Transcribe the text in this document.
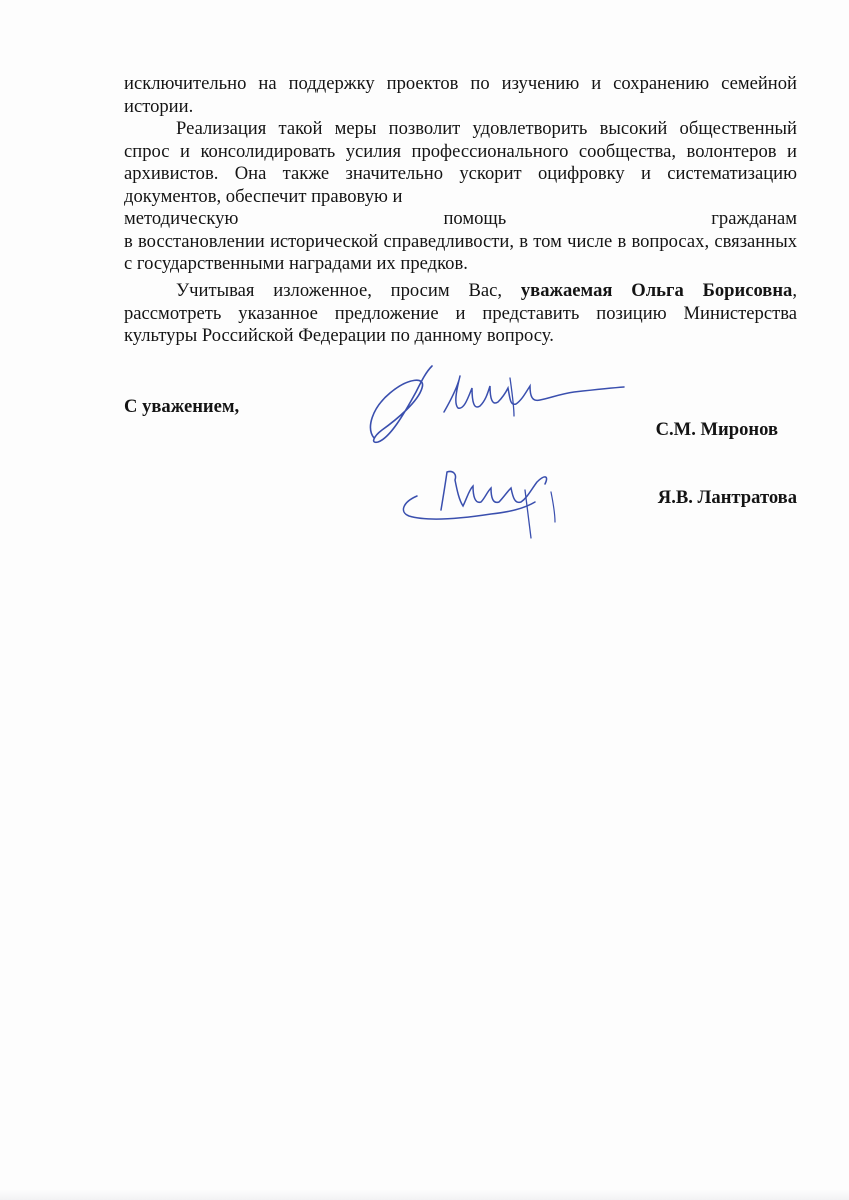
исключительно на поддержку проектов по изучению и сохранению семейной истории.
Реализация такой меры позволит удовлетворить высокий общественный спрос и консолидировать усилия профессионального сообщества, волонтеров и архивистов. Она также значительно ускорит оцифровку и систематизацию документов, обеспечит правовую и
методическую помощь гражданам
в восстановлении исторической справедливости, в том числе в вопросах, связанных с государственными наградами их предков.
Учитывая изложенное, просим Вас, уважаемая Ольга Борисовна, рассмотреть указанное предложение и представить позицию Министерства культуры Российской Федерации по данному вопросу.
С уважением,
С.М. Миронов
Я.В. Лантратова
